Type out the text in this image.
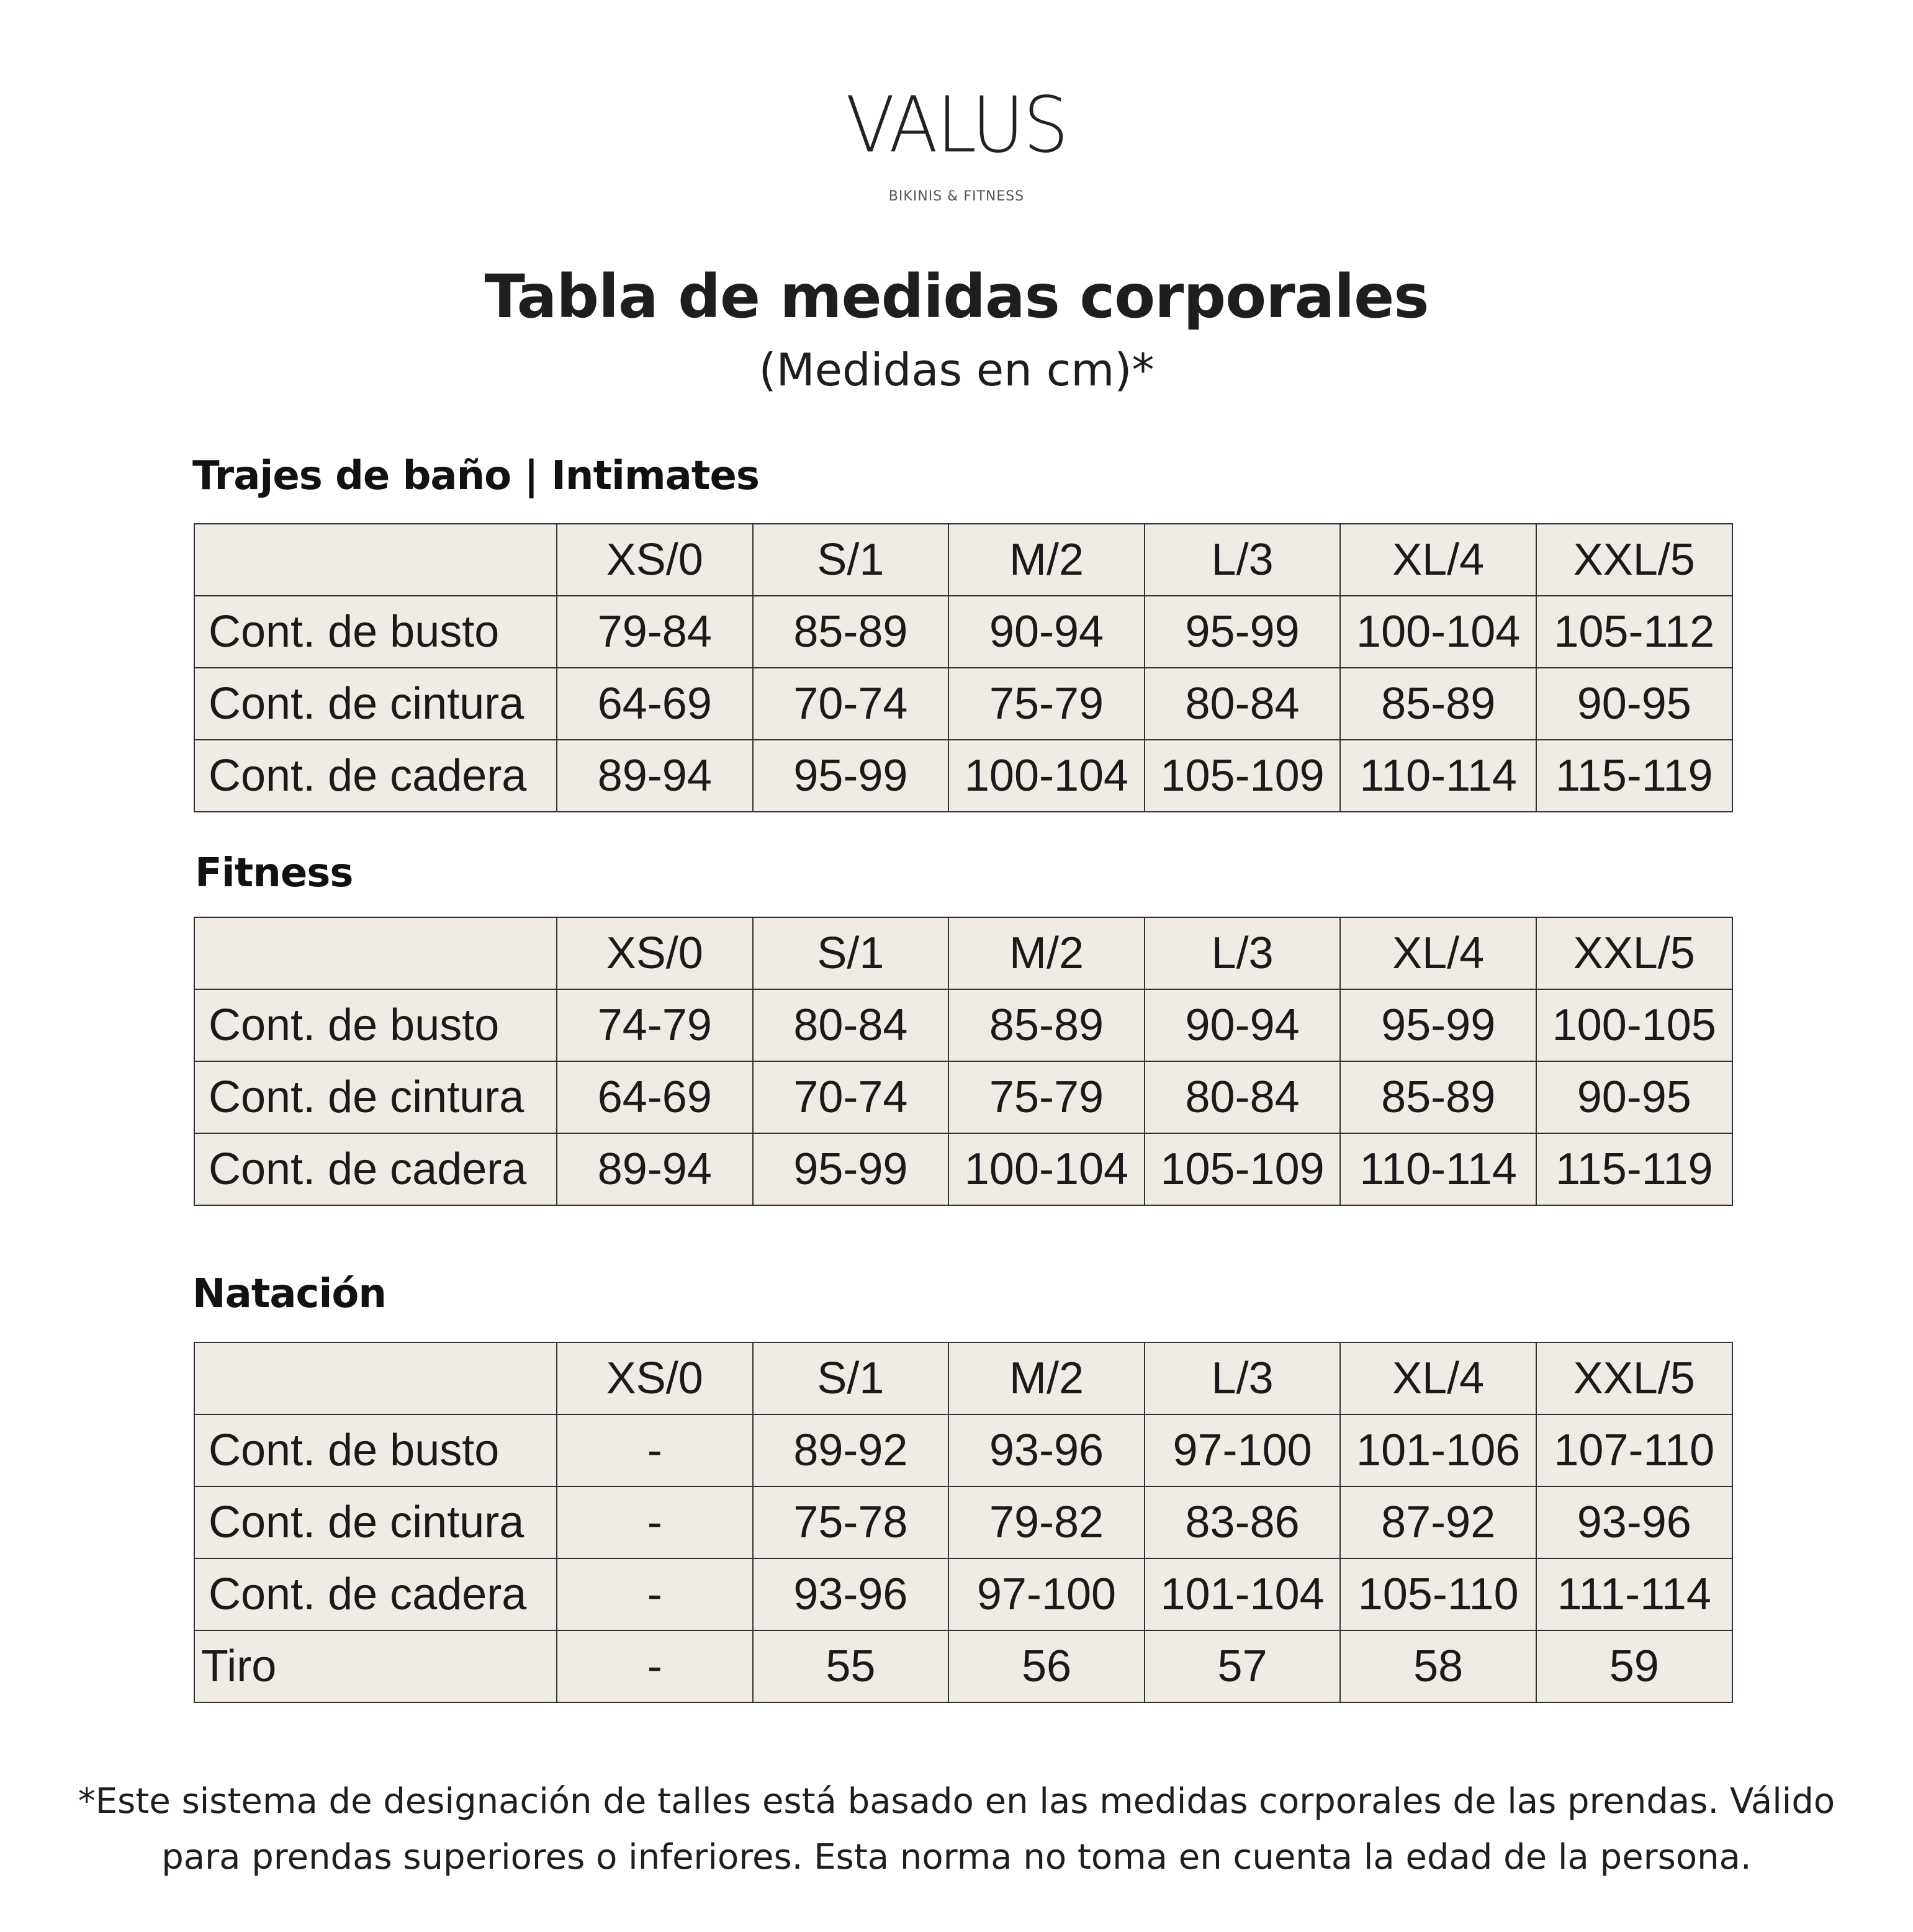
VALUS
BIKINIS & FITNESS
Tabla de medidas corporales
(Medidas en cm)*
Trajes de baño | Intimates
	XS/0	S/1	M/2	L/3	XL/4	XXL/5
Cont. de busto	79-84	85-89	90-94	95-99	100-104	105-112
Cont. de cintura	64-69	70-74	75-79	80-84	85-89	90-95
Cont. de cadera	89-94	95-99	100-104	105-109	110-114	115-119
Fitness
	XS/0	S/1	M/2	L/3	XL/4	XXL/5
Cont. de busto	74-79	80-84	85-89	90-94	95-99	100-105
Cont. de cintura	64-69	70-74	75-79	80-84	85-89	90-95
Cont. de cadera	89-94	95-99	100-104	105-109	110-114	115-119
Natación
	XS/0	S/1	M/2	L/3	XL/4	XXL/5
Cont. de busto	-	89-92	93-96	97-100	101-106	107-110
Cont. de cintura	-	75-78	79-82	83-86	87-92	93-96
Cont. de cadera	-	93-96	97-100	101-104	105-110	111-114
Tiro	-	55	56	57	58	59
*Este sistema de designación de talles está basado en las medidas corporales de las prendas. Válido
para prendas superiores o inferiores. Esta norma no toma en cuenta la edad de la persona.
